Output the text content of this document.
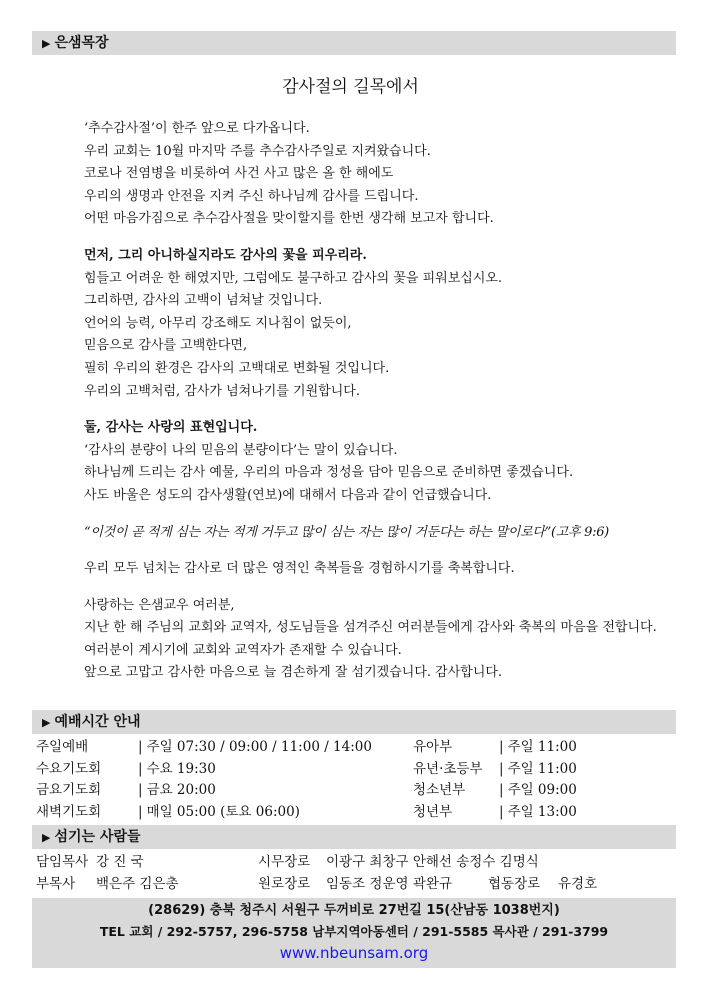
▶ 은샘목장
감사절의 길목에서
‘추수감사절’이 한주 앞으로 다가옵니다.
우리 교회는 10월 마지막 주를 추수감사주일로 지켜왔습니다.
코로나 전염병을 비롯하여 사건 사고 많은 올 한 해에도
우리의 생명과 안전을 지켜 주신 하나님께 감사를 드립니다.
어떤 마음가짐으로 추수감사절을 맞이할지를 한번 생각해 보고자 합니다.
먼저, 그리 아니하실지라도 감사의 꽃을 피우리라.
힘들고 어려운 한 해였지만, 그럼에도 불구하고 감사의 꽃을 피워보십시오.
그리하면, 감사의 고백이 넘쳐날 것입니다.
언어의 능력, 아무리 강조해도 지나침이 없듯이,
믿음으로 감사를 고백한다면,
필히 우리의 환경은 감사의 고백대로 변화될 것입니다.
우리의 고백처럼, 감사가 넘쳐나기를 기원합니다.
둘, 감사는 사랑의 표현입니다.
‘감사의 분량이 나의 믿음의 분량이다’는 말이 있습니다.
하나님께 드리는 감사 예물, 우리의 마음과 정성을 담아 믿음으로 준비하면 좋겠습니다.
사도 바울은 성도의 감사생활(연보)에 대해서 다음과 같이 언급했습니다.
“이것이 곧 적게 심는 자는 적게 거두고 많이 심는 자는 많이 거둔다는 하는 말이로다”(고후 9:6)
우리 모두 넘치는 감사로 더 많은 영적인 축복들을 경험하시기를 축복합니다.
사랑하는 은샘교우 여러분,
지난 한 해 주님의 교회와 교역자, 성도님들을 섬겨주신 여러분들에게 감사와 축복의 마음을 전합니다.
여러분이 계시기에 교회와 교역자가 존재할 수 있습니다.
앞으로 고맙고 감사한 마음으로 늘 겸손하게 잘 섬기겠습니다. 감사합니다.
▶ 예배시간 안내
주일예배	| 주일 07:30 / 09:00 / 11:00 / 14:00	유아부	| 주일 11:00
수요기도회	| 수요 19:30	유년·초등부 | 주일 11:00
금요기도회	| 금요 20:00	청소년부	| 주일 09:00
새벽기도회	| 매일 05:00 (토요 06:00)	청년부	| 주일 13:00
▶ 섬기는 사람들
담임목사 강 진 국	시무장로 이광구 최창구 안해선 송정수 김명식
부목사	백은주 김은총	원로장로 임동조 정운영 곽완규	협동장로 유경호
(28629) 충북 청주시 서원구 두꺼비로 27번길 15(산남동 1038번지)
TEL 교회 / 292-5757, 296-5758 남부지역아동센터 / 291-5585 목사관 / 291-3799
www.nbeunsam.org
